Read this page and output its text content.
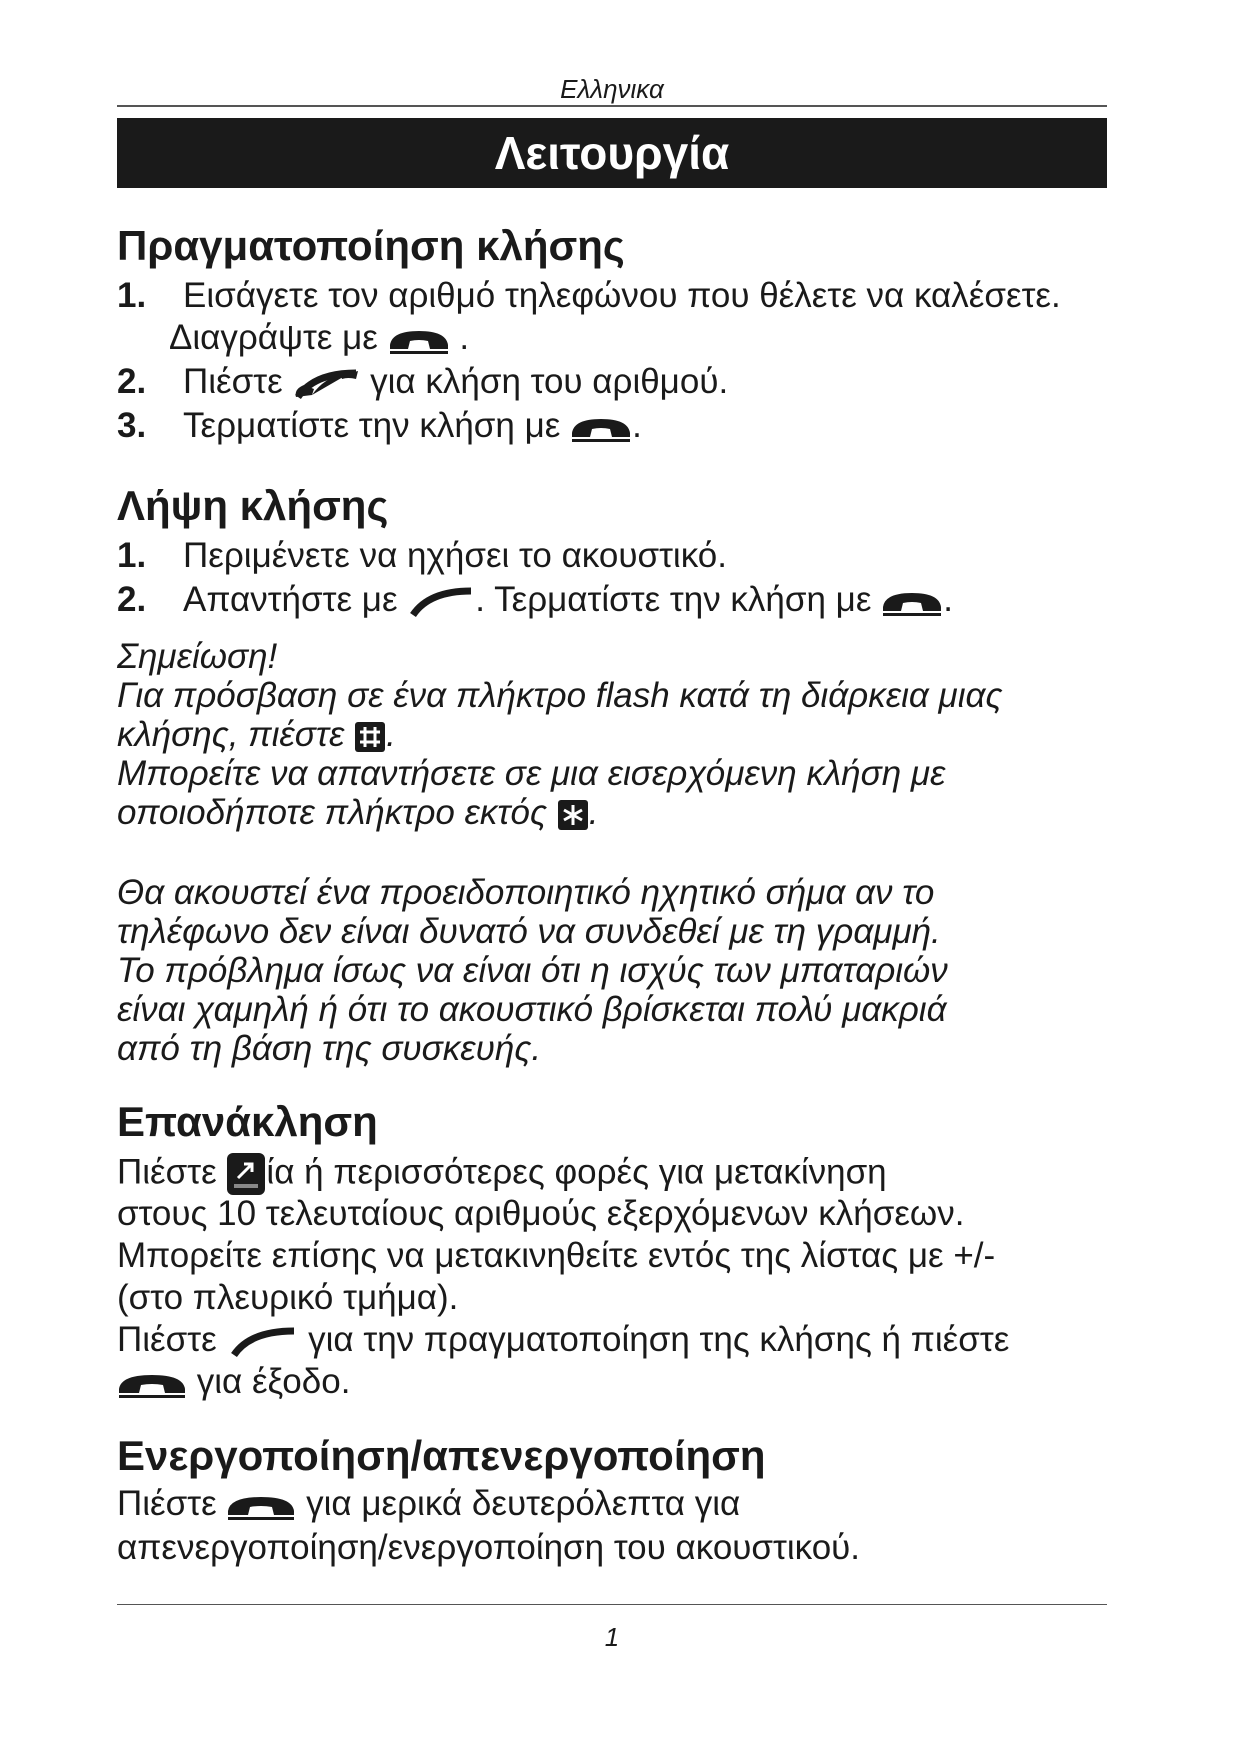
Ελληνικα
Λειτουργία
Πραγματοποίηση κλήσης
1. Εισάγετε τον αριθμό τηλεφώνου που θέλετε να καλέσετε.
Διαγράψτε με .
2. Πιέστε  για κλήση του αριθμού.
3. Τερματίστε την κλήση με .
Λήψη κλήσης
1. Περιμένετε να ηχήσει το ακουστικό.
2. Απαντήστε με . Τερματίστε την κλήση με .
Σημείωση!
Για πρόσβαση σε ένα πλήκτρο flash κατά τη διάρκεια μιας
κλήσης, πιέστε .
Μπορείτε να απαντήσετε σε μια εισερχόμενη κλήση με
οποιοδήποτε πλήκτρο εκτός .
Θα ακουστεί ένα προειδοποιητικό ηχητικό σήμα αν το
τηλέφωνο δεν είναι δυνατό να συνδεθεί με τη γραμμή.
Το πρόβλημα ίσως να είναι ότι η ισχύς των μπαταριών
είναι χαμηλή ή ότι το ακουστικό βρίσκεται πολύ μακριά
από τη βάση της συσκευής.
Επανάκληση
Πιέστε ία ή περισσότερες φορές για μετακίνηση
στους 10 τελευταίους αριθμούς εξερχόμενων κλήσεων.
Μπορείτε επίσης να μετακινηθείτε εντός της λίστας με +/-
(στο πλευρικό τμήμα).
Πιέστε  για την πραγματοποίηση της κλήσης ή πιέστε
για έξοδο.
Ενεργοποίηση/απενεργοποίηση
Πιέστε  για μερικά δευτερόλεπτα για
απενεργοποίηση/ενεργοποίηση του ακουστικού.
1
